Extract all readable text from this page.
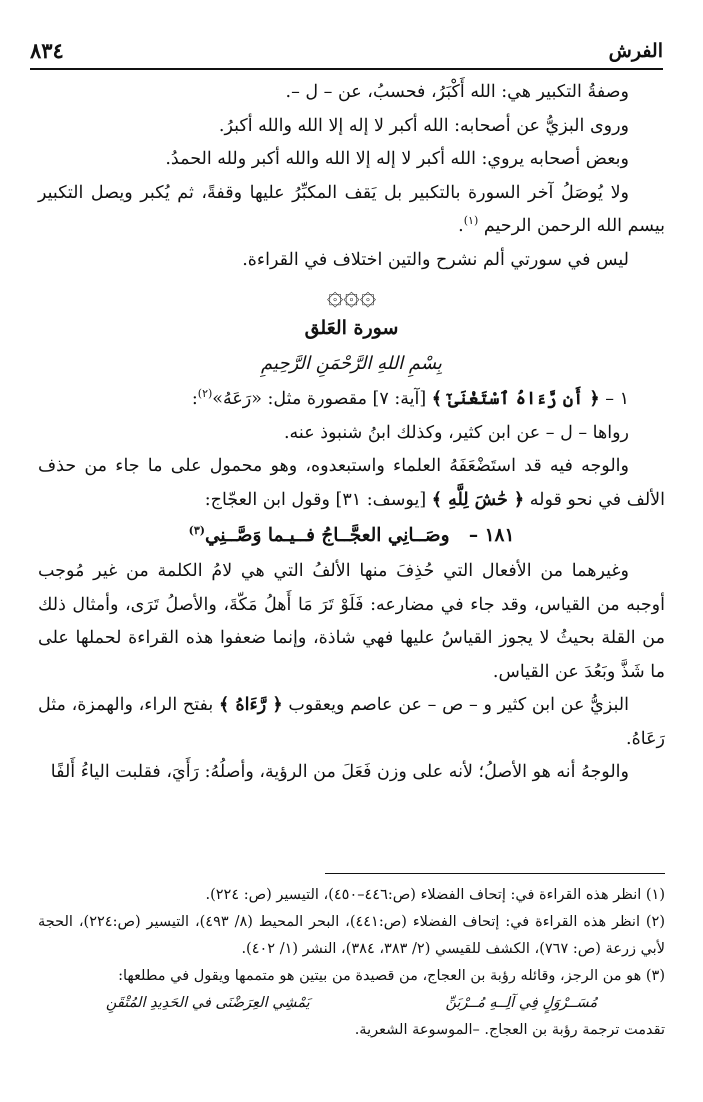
الفرش
٨٣٤

وصفةُ التكبير هي: الله أَكْبَرُ، فحسبُ، عن – ل –.

وروى البزيُّ عن أصحابه: الله أكبر لا إله إلا الله والله أكبرُ.

وبعض أصحابه يروي: الله أكبر لا إله إلا الله والله أكبر ولله الحمدُ.

ولا يُوصَلُ آخر السورة بالتكبير بل يَقف المكبِّرُ عليها وقفةً، ثم يُكبر ويصل التكبير بيسم الله الرحمن الرحيم $^{(١)}$.

ليس في سورتي ألم نشرح والتين اختلاف في القراءة.

۞۞۞
سورة العَلق
بِسْمِ اللهِ الرَّحْمَنِ الرَّحِيمِ

١ – ﴿ أَن رَّءَاهُ ٱسْتَغْنَىٰٓ ﴾ [آية: ٧] مقصورة مثل: «رَعَهُ»$^{(٢)}$:

رواها – ل – عن ابن كثير، وكذلك ابنُ شنبوذ عنه.

والوجه فيه قد استَضْعَفَهُ العلماء واستبعدوه، وهو محمول على ما جاء من حذف الألف في نحو قوله ﴿ حَٰشَ لِلَّهِ ﴾ [يوسف: ٣١] وقول ابن العجّاج:

١٨١ –   وصَــانِي العجَّــاجُ فــيـما وَصَّــنِي$^{(٣)}$

وغيرهما من الأفعال التي حُذِفَ منها الألفُ التي هي لامُ الكلمة من غير مُوجب أوجبه من القياس، وقد جاء في مضارعه: فَلَوْ تَرَ مَا أَهلُ مَكّةَ، والأصلُ تَرَى، وأمثال ذلك من القلة بحيثُ لا يجوز القياسُ عليها فهي شاذة، وإنما ضعفوا هذه القراءة لحملها على ما شَذَّ وبَعُدَ عن القياس.

البزيُّ عن ابن كثير و – ص – عن عاصم ويعقوب ﴿ رَّءَاهُ ﴾ بفتح الراء، والهمزة، مثل رَعَاهُ.

والوجهُ أنه هو الأصلُ؛ لأنه على وزن فَعَلَ من الرؤية، وأصلُهُ: رَأَيَ، فقلبت الياءُ أَلفًا

(١) انظر هذه القراءة في: إتحاف الفضلاء (ص:٤٤٦–٤٥٠)، التيسير (ص: ٢٢٤).

(٢) انظر هذه القراءة في: إتحاف الفضلاء (ص:٤٤١)، البحر المحيط (٨/ ٤٩٣)، التيسير (ص:٢٢٤)، الحجة لأبي زرعة (ص: ٧٦٧)، الكشف للقيسي (٢/ ٣٨٣، ٣٨٤)، النشر (١/ ٤٠٢).

(٣) هو من الرجز، وقائله رؤبة بن العجاج، من قصيدة من بيتين هو متممها ويقول في مطلعها:

مُسَــرْوَلٍ فِي آلِــهِ مُــرْبَنِّ
يَمْشِي العِرَضْنَى في الحَدِيدِ المُتْقَنِ

تقدمت ترجمة رؤبة بن العجاج. –الموسوعة الشعرية.
